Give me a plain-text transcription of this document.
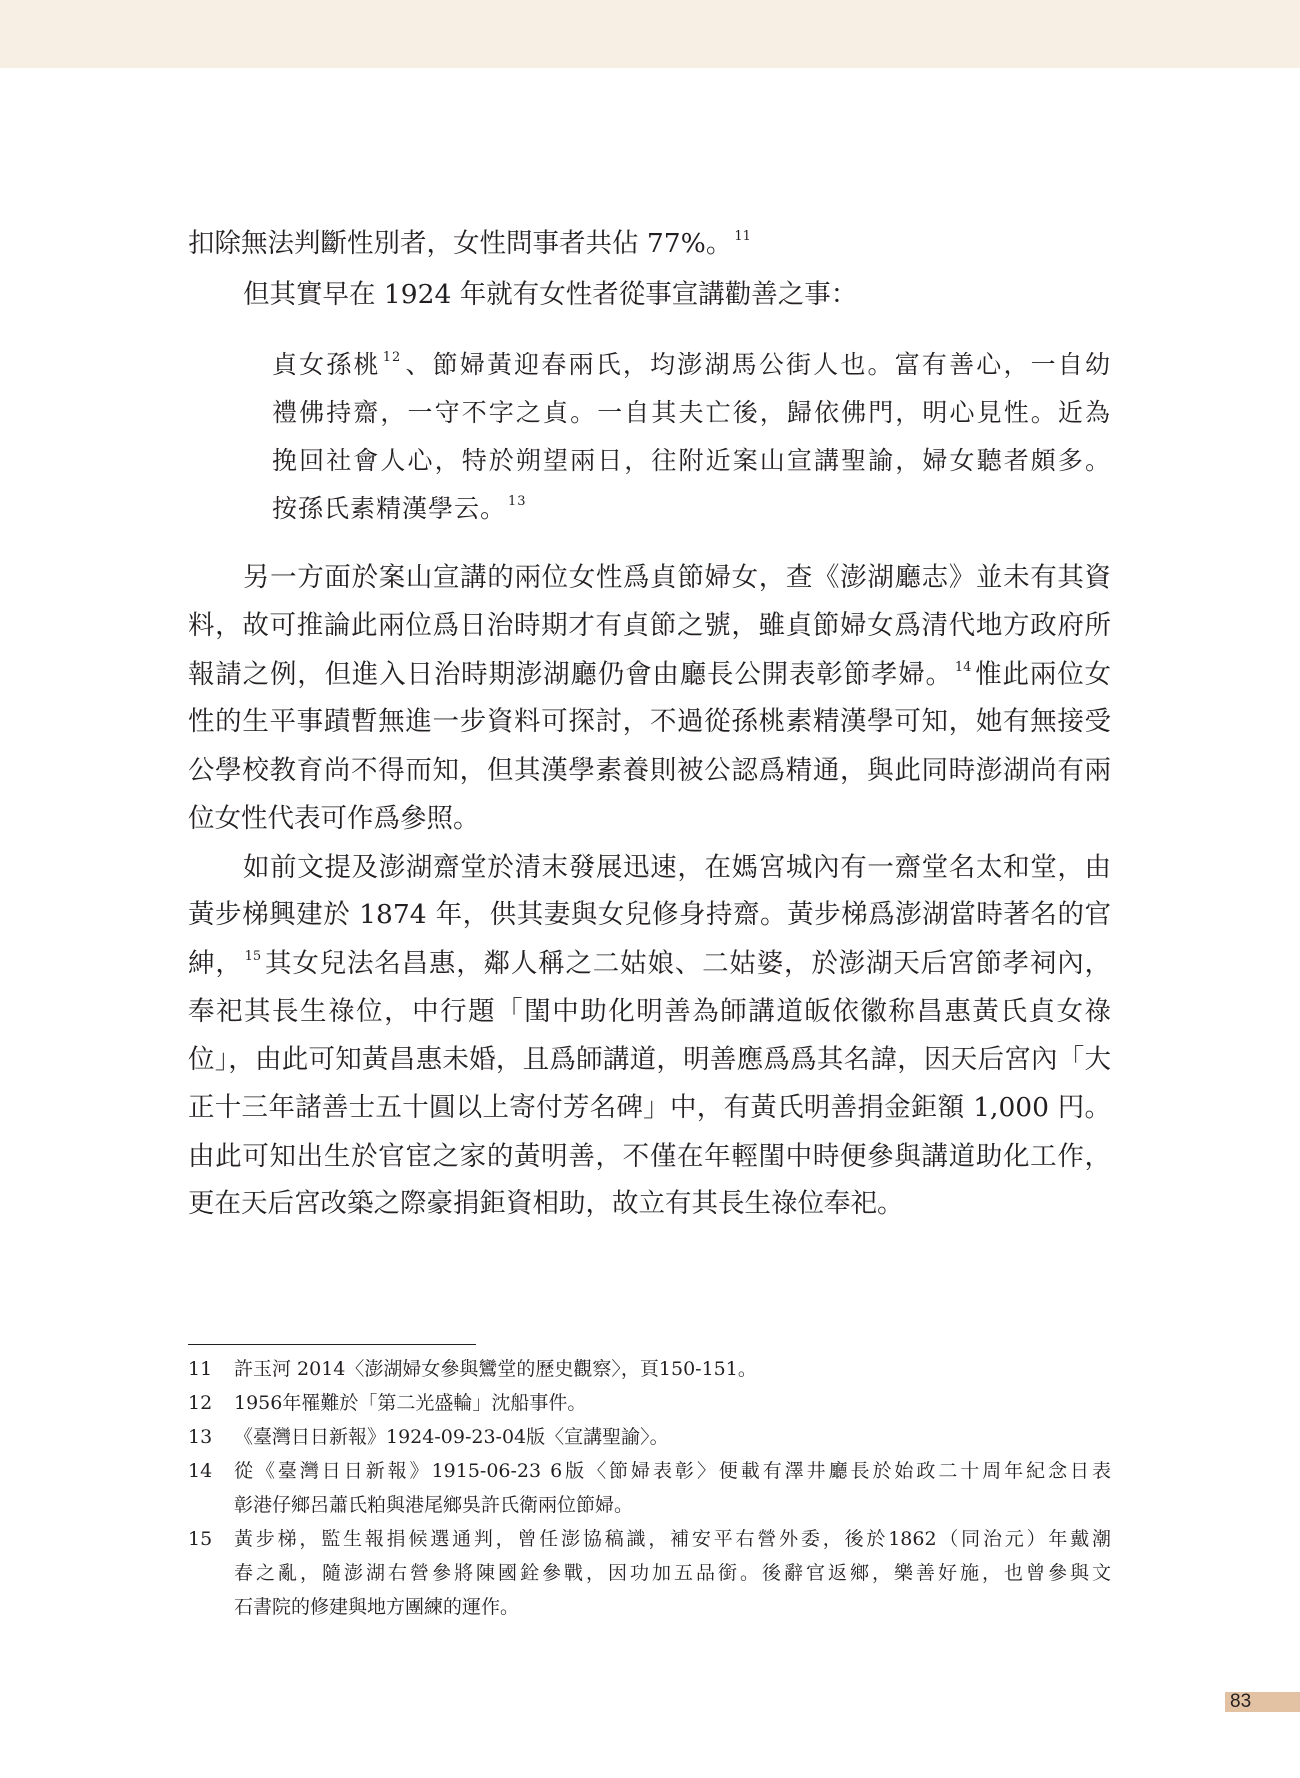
扣除無法判斷性別者，女性問事者共佔 77%。 $^{11}$
但其實早在 1924 年就有女性者從事宣講勸善之事：
貞女孫桃 $^{12}$ 、節婦黃迎春兩氏，均澎湖馬公街人也。富有善心，一自幼
禮佛持齋，一守不字之貞。一自其夫亡後，歸依佛門，明心見性。近為
挽回社會人心，特於朔望兩日，往附近案山宣講聖諭，婦女聽者頗多。
按孫氏素精漢學云。 $^{13}$
另一方面於案山宣講的兩位女性爲貞節婦女，查《澎湖廳志》並未有其資
料，故可推論此兩位爲日治時期才有貞節之號，雖貞節婦女爲清代地方政府所
報請之例，但進入日治時期澎湖廳仍會由廳長公開表彰節孝婦。 $^{14}$ 惟此兩位女
性的生平事蹟暫無進一步資料可探討，不過從孫桃素精漢學可知，她有無接受
公學校教育尚不得而知，但其漢學素養則被公認爲精通，與此同時澎湖尚有兩
位女性代表可作爲參照。
如前文提及澎湖齋堂於清末發展迅速，在媽宮城內有一齋堂名太和堂，由
黃步梯興建於 1874 年，供其妻與女兒修身持齋。黃步梯爲澎湖當時著名的官
紳， $^{15}$ 其女兒法名昌惠，鄰人稱之二姑娘、二姑婆，於澎湖天后宮節孝祠內，
奉祀其長生祿位，中行題「閨中助化明善為師講道皈依徽称昌惠黃氏貞女祿
位」，由此可知黃昌惠未婚，且爲師講道，明善應爲爲其名諱，因天后宮內「大
正十三年諸善士五十圓以上寄付芳名碑」中，有黃氏明善捐金鉅額 1,000 円。
由此可知出生於官宦之家的黃明善，不僅在年輕閨中時便參與講道助化工作，
更在天后宮改築之際豪捐鉅資相助，故立有其長生祿位奉祀。
11 許玉河 2014〈澎湖婦女參與鸞堂的歷史觀察〉，頁150-151。
12 1956年罹難於「第二光盛輪」沈船事件。
13 《臺灣日日新報》1924-09-23-04版〈宣講聖諭〉。
14 從《臺灣日日新報》1915-06-23 6版〈節婦表彰〉便載有澤井廳長於始政二十周年紀念日表
彰港仔鄉呂蕭氏粕與港尾鄉吳許氏衛兩位節婦。
15 黃步梯，監生報捐候選通判，曾任澎協稿識，補安平右營外委，後於1862（同治元）年戴潮
春之亂，隨澎湖右營參將陳國銓參戰，因功加五品銜。後辭官返鄉，樂善好施，也曾參與文
石書院的修建與地方團練的運作。
83
